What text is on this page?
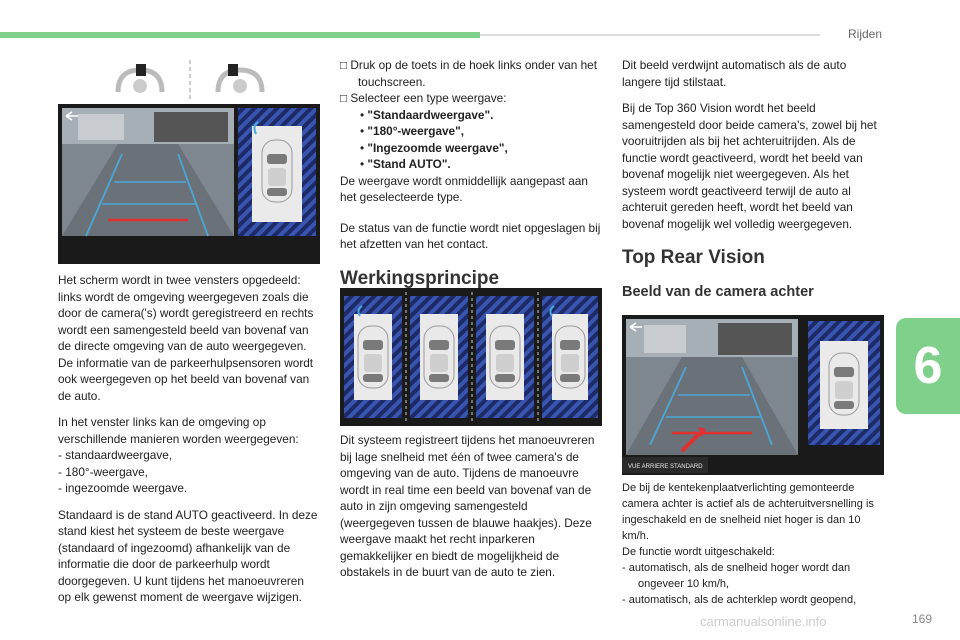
Rijden
6

Het scherm wordt in twee vensters opgedeeld: links wordt de omgeving weergegeven zoals die door de camera('s) wordt geregistreerd en rechts wordt een samengesteld beeld van bovenaf van de directe omgeving van de auto weergegeven. De informatie van de parkeerhulpsensoren wordt ook weergegeven op het beeld van bovenaf van de auto.

In het venster links kan de omgeving op verschillende manieren worden weergegeven:
- standaardweergave,
- 180°-weergave,
- ingezoomde weergave.

Standaard is de stand AUTO geactiveerd. In deze stand kiest het systeem de beste weergave (standaard of ingezoomd) afhankelijk van de informatie die door de parkeerhulp wordt doorgegeven. U kunt tijdens het manoeuvreren op elk gewenst moment de weergave wijzigen.

□ Druk op de toets in de hoek links onder van het touchscreen.
□ Selecteer een type weergave:
• "Standaardweergave".
• "180°-weergave",
• "Ingezoomde weergave",
• "Stand AUTO".

De weergave wordt onmiddellijk aangepast aan het geselecteerde type.

De status van de functie wordt niet opgeslagen bij het afzetten van het contact.

Werkingsprincipe

Dit systeem registreert tijdens het manoeuvreren bij lage snelheid met één of twee camera's de omgeving van de auto. Tijdens de manoeuvre wordt in real time een beeld van bovenaf van de auto in zijn omgeving samengesteld (weergegeven tussen de blauwe haakjes). Deze weergave maakt het recht inparkeren gemakkelijker en biedt de mogelijkheid de obstakels in de buurt van de auto te zien.

Dit beeld verdwijnt automatisch als de auto langere tijd stilstaat.

Bij de Top 360 Vision wordt het beeld samengesteld door beide camera's, zowel bij het vooruitrijden als bij het achteruitrijden. Als de functie wordt geactiveerd, wordt het beeld van bovenaf mogelijk niet weergegeven. Als het systeem wordt geactiveerd terwijl de auto al achteruit gereden heeft, wordt het beeld van bovenaf mogelijk wel volledig weergegeven.

Top Rear Vision
Beeld van de camera achter
VUE ARRIERE STANDARD

De bij de kentekenplaatverlichting gemonteerde camera achter is actief als de achteruitversnelling is ingeschakeld en de snelheid niet hoger is dan 10 km/h.
De functie wordt uitgeschakeld:
- automatisch, als de snelheid hoger wordt dan ongeveer 10 km/h,
- automatisch, als de achterklep wordt geopend,

carmanualsonline.info	169
